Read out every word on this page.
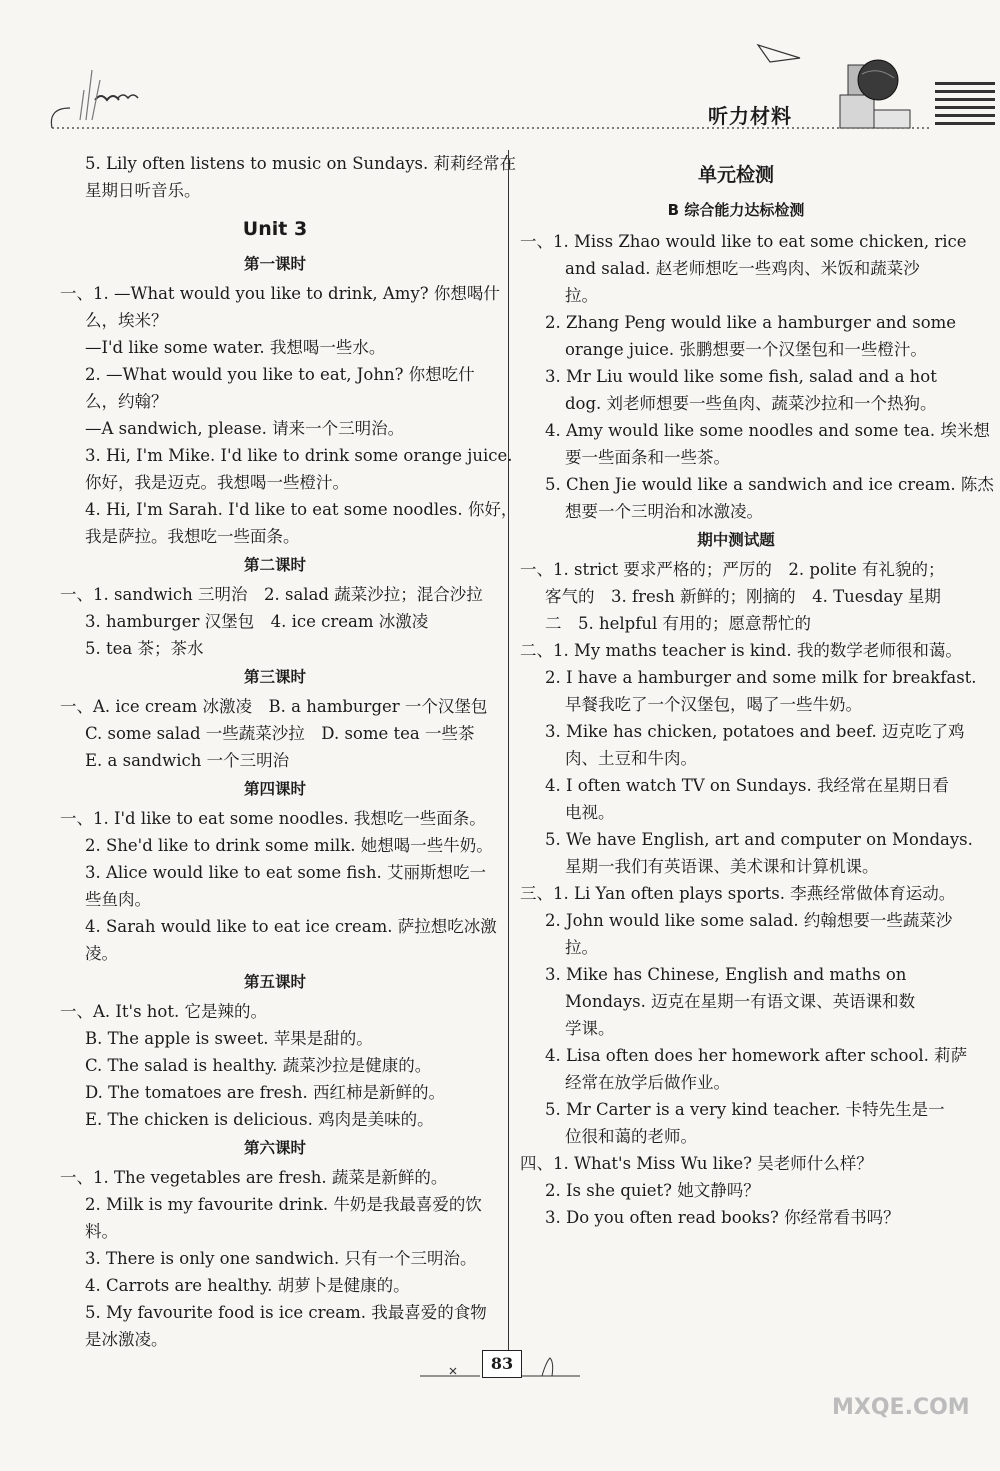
听力材料
5. Lily often listens to music on Sundays. 莉莉经常在
星期日听音乐。
Unit 3
第一课时
一、1. —What would you like to drink, Amy? 你想喝什
么，埃米？
—I'd like some water. 我想喝一些水。
2. —What would you like to eat, John? 你想吃什
么，约翰？
—A sandwich, please. 请来一个三明治。
3. Hi, I'm Mike. I'd like to drink some orange juice.
你好，我是迈克。我想喝一些橙汁。
4. Hi, I'm Sarah. I'd like to eat some noodles. 你好，
我是萨拉。我想吃一些面条。
第二课时
一、1. sandwich 三明治　2. salad 蔬菜沙拉；混合沙拉
3. hamburger 汉堡包　4. ice cream 冰激凌
5. tea 茶；茶水
第三课时
一、A. ice cream 冰激凌　B. a hamburger 一个汉堡包
C. some salad 一些蔬菜沙拉　D. some tea 一些茶
E. a sandwich 一个三明治
第四课时
一、1. I'd like to eat some noodles. 我想吃一些面条。
2. She'd like to drink some milk. 她想喝一些牛奶。
3. Alice would like to eat some fish. 艾丽斯想吃一
些鱼肉。
4. Sarah would like to eat ice cream. 萨拉想吃冰激
凌。
第五课时
一、A. It's hot. 它是辣的。
B. The apple is sweet. 苹果是甜的。
C. The salad is healthy. 蔬菜沙拉是健康的。
D. The tomatoes are fresh. 西红柿是新鲜的。
E. The chicken is delicious. 鸡肉是美味的。
第六课时
一、1. The vegetables are fresh. 蔬菜是新鲜的。
2. Milk is my favourite drink. 牛奶是我最喜爱的饮
料。
3. There is only one sandwich. 只有一个三明治。
4. Carrots are healthy. 胡萝卜是健康的。
5. My favourite food is ice cream. 我最喜爱的食物
是冰激凌。
单元检测
B 综合能力达标检测
一、1. Miss Zhao would like to eat some chicken, rice
and salad. 赵老师想吃一些鸡肉、米饭和蔬菜沙
拉。
2. Zhang Peng would like a hamburger and some
orange juice. 张鹏想要一个汉堡包和一些橙汁。
3. Mr Liu would like some fish, salad and a hot
dog. 刘老师想要一些鱼肉、蔬菜沙拉和一个热狗。
4. Amy would like some noodles and some tea. 埃米想
要一些面条和一些茶。
5. Chen Jie would like a sandwich and ice cream. 陈杰
想要一个三明治和冰激凌。
期中测试题
一、1. strict 要求严格的；严厉的　2. polite 有礼貌的；
客气的　3. fresh 新鲜的；刚摘的　4. Tuesday 星期
二　5. helpful 有用的；愿意帮忙的
二、1. My maths teacher is kind. 我的数学老师很和蔼。
2. I have a hamburger and some milk for breakfast.
早餐我吃了一个汉堡包，喝了一些牛奶。
3. Mike has chicken, potatoes and beef. 迈克吃了鸡
肉、土豆和牛肉。
4. I often watch TV on Sundays. 我经常在星期日看
电视。
5. We have English, art and computer on Mondays.
星期一我们有英语课、美术课和计算机课。
三、1. Li Yan often plays sports. 李燕经常做体育运动。
2. John would like some salad. 约翰想要一些蔬菜沙
拉。
3. Mike has Chinese, English and maths on
Mondays. 迈克在星期一有语文课、英语课和数
学课。
4. Lisa often does her homework after school. 莉萨
经常在放学后做作业。
5. Mr Carter is a very kind teacher. 卡特先生是一
位很和蔼的老师。
四、1. What's Miss Wu like? 吴老师什么样？
2. Is she quiet? 她文静吗？
3. Do you often read books? 你经常看书吗？
83
MXQE.COM
